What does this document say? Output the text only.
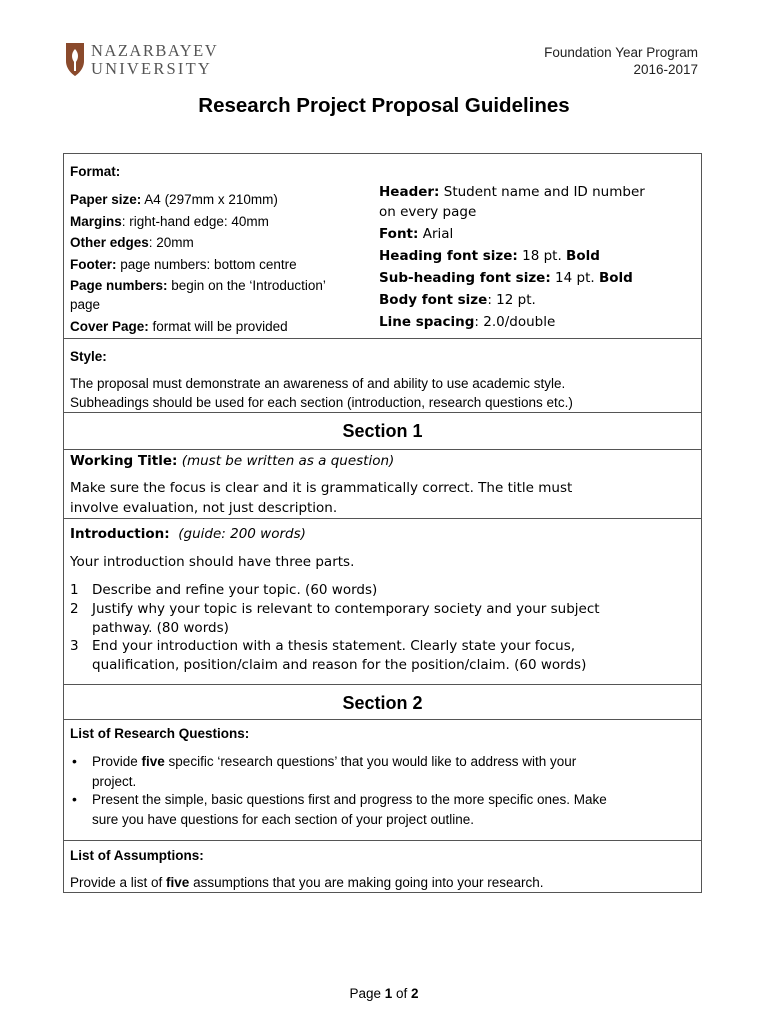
NAZARBAYEV
UNIVERSITY
Foundation Year Program
2016-2017
Research Project Proposal Guidelines
Format:
Paper size: A4 (297mm x 210mm)
Margins: right-hand edge: 40mm
Other edges: 20mm
Footer: page numbers: bottom centre
Page numbers: begin on the ‘Introduction’
page
Cover Page: format will be provided
Header: Student name and ID number
on every page
Font: Arial
Heading font size: 18 pt. Bold
Sub-heading font size: 14 pt. Bold
Body font size: 12 pt.
Line spacing: 2.0/double
Style:
The proposal must demonstrate an awareness of and ability to use academic style.
Subheadings should be used for each section (introduction, research questions etc.)
Section 1
Working Title: (must be written as a question)
Make sure the focus is clear and it is grammatically correct. The title must
involve evaluation, not just description.
Introduction: (guide: 200 words)
Your introduction should have three parts.
1 Describe and refine your topic. (60 words)
2 Justify why your topic is relevant to contemporary society and your subject
pathway. (80 words)
3 End your introduction with a thesis statement. Clearly state your focus,
qualification, position/claim and reason for the position/claim. (60 words)
Section 2
List of Research Questions:
• Provide five specific ‘research questions’ that you would like to address with your
project.
• Present the simple, basic questions first and progress to the more specific ones. Make
sure you have questions for each section of your project outline.
List of Assumptions:
Provide a list of five assumptions that you are making going into your research.
Page 1 of 2
